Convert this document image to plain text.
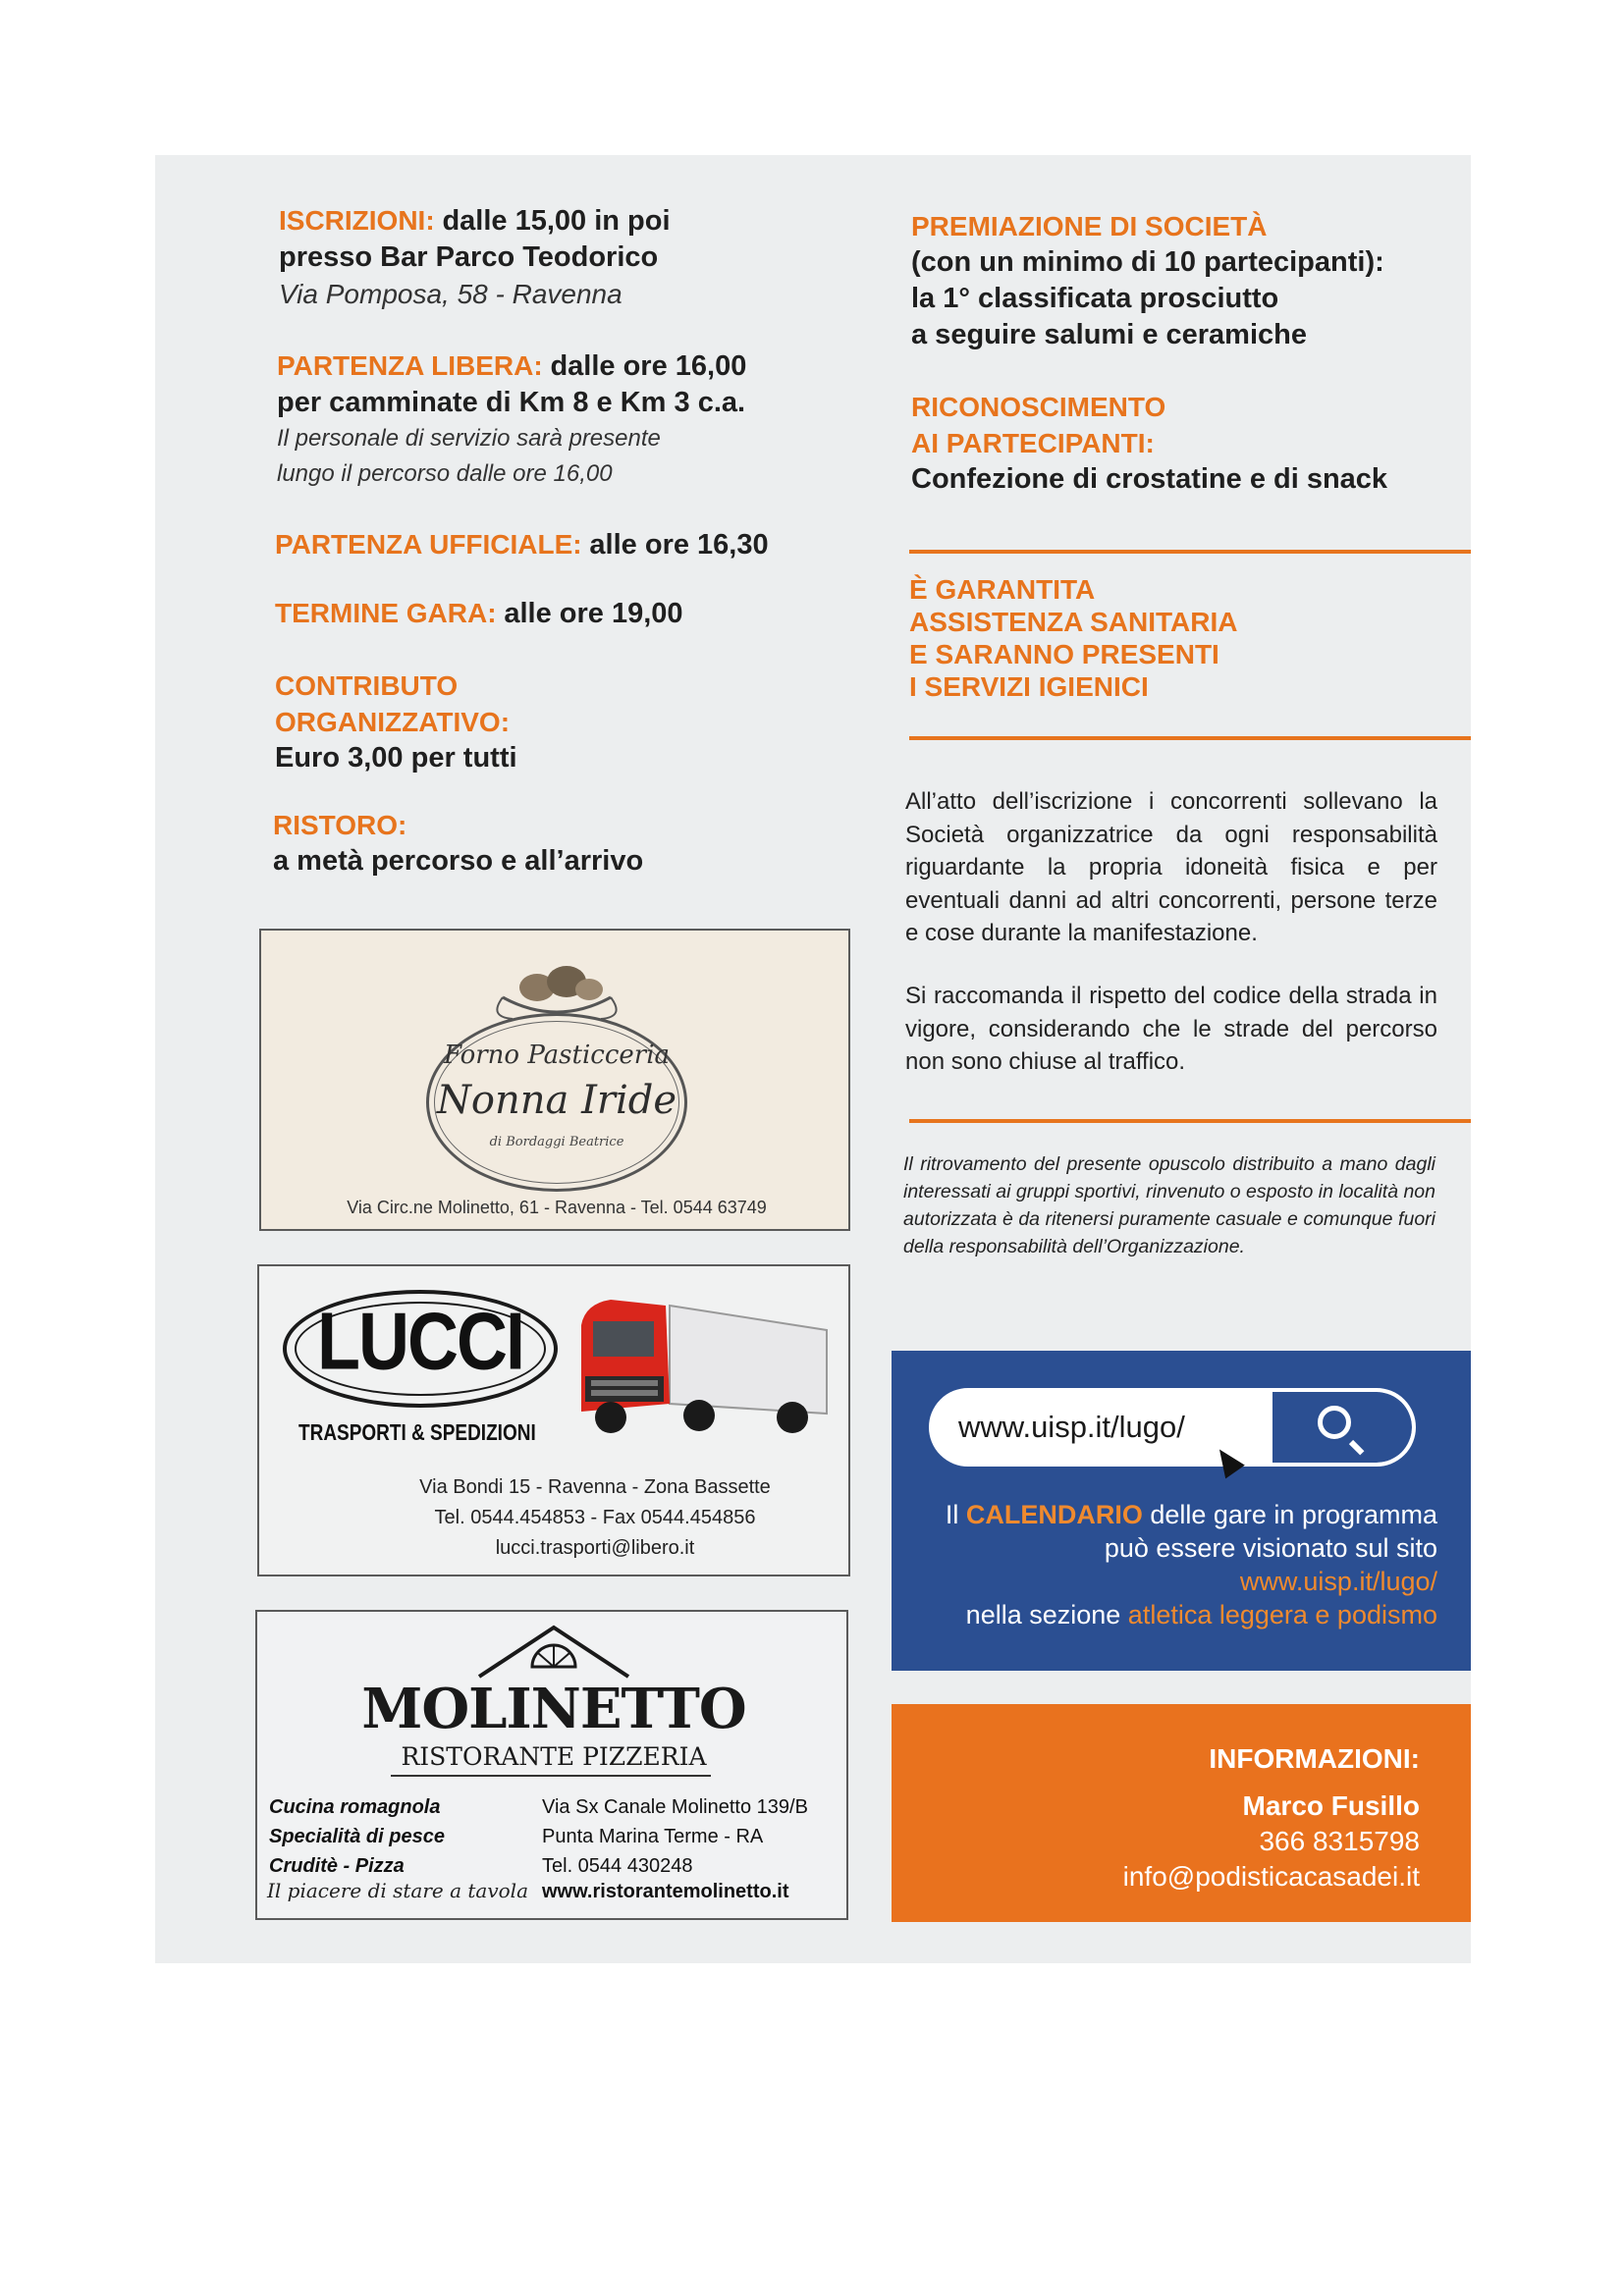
ISCRIZIONI: dalle 15,00 in poi
presso Bar Parco Teodorico
Via Pomposa, 58 - Ravenna
PARTENZA LIBERA: dalle ore 16,00
per camminate di Km 8 e Km 3 c.a.
Il personale di servizio sarà presente
lungo il percorso dalle ore 16,00
PARTENZA UFFICIALE: alle ore 16,30
TERMINE GARA: alle ore 19,00
CONTRIBUTO
ORGANIZZATIVO:
Euro 3,00 per tutti
RISTORO:
a metà percorso e all’arrivo
Forno Pasticceria
Nonna Iride
di Bordaggi Beatrice
Via Circ.ne Molinetto, 61 - Ravenna - Tel. 0544 63749
LUCCI
TRASPORTI & SPEDIZIONI
Via Bondi 15 - Ravenna - Zona Bassette
Tel. 0544.454853 - Fax 0544.454856
lucci.trasporti@libero.it
MOLINETTO
RISTORANTE PIZZERIA
Cucina romagnola
Specialità di pesce
Cruditè - Pizza
Via Sx Canale Molinetto 139/B
Punta Marina Terme - RA
Tel. 0544 430248
Il piacere di stare a tavola www.ristorantemolinetto.it
PREMIAZIONE DI SOCIETÀ
(con un minimo di 10 partecipanti):
la 1° classificata prosciutto
a seguire salumi e ceramiche
RICONOSCIMENTO
AI PARTECIPANTI:
Confezione di crostatine e di snack
È GARANTITA
ASSISTENZA SANITARIA
E SARANNO PRESENTI
I SERVIZI IGIENICI
All’atto dell’iscrizione i concorrenti sollevano la Società organizzatrice da ogni responsabilità riguardante la propria idoneità fisica e per eventuali danni ad altri concorrenti, persone terze e cose durante la manifestazione.
Si raccomanda il rispetto del codice della strada in vigore, considerando che le strade del percorso non sono chiuse al traffico.
Il ritrovamento del presente opuscolo distribuito a mano dagli interessati ai gruppi sportivi, rinvenuto o esposto in località non autorizzata è da ritenersi puramente casuale e comunque fuori della responsabilità dell’Organizzazione.
www.uisp.it/lugo/
Il CALENDARIO delle gare in programma
può essere visionato sul sito
www.uisp.it/lugo/
nella sezione atletica leggera e podismo
INFORMAZIONI:
Marco Fusillo
366 8315798
info@podisticacasadei.it
